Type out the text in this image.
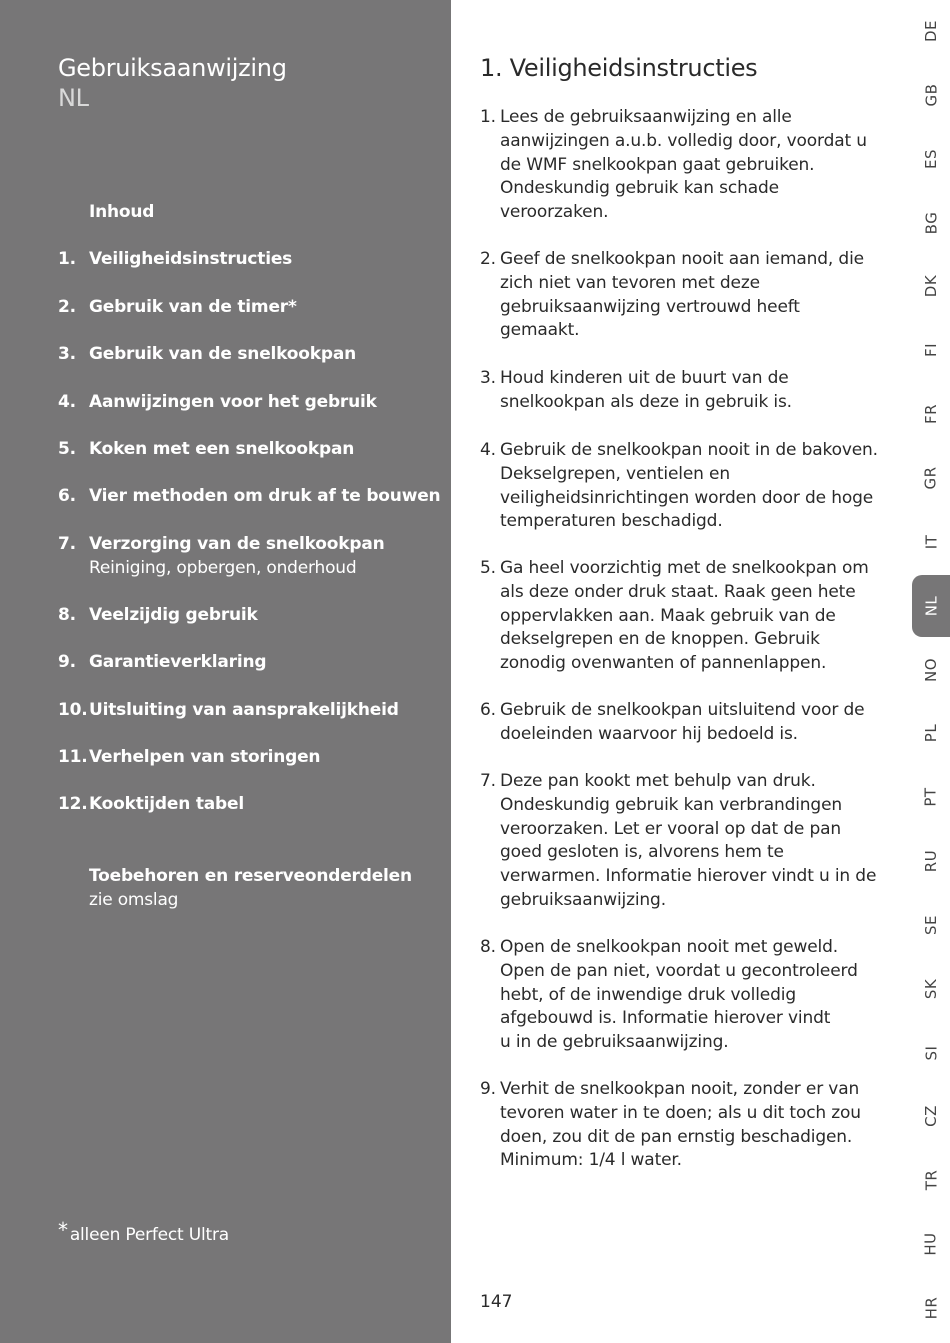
Gebruiksaanwijzing
NL
Inhoud
1. Veiligheidsinstructies
2. Gebruik van de timer*
3. Gebruik van de snelkookpan
4. Aanwijzingen voor het gebruik
5. Koken met een snelkookpan
6. Vier methoden om druk af te bouwen
7. Verzorging van de snelkookpan
Reiniging, opbergen, onderhoud
8. Veelzijdig gebruik
9. Garantieverklaring
10. Uitsluiting van aansprakelijkheid
11. Verhelpen van storingen
12. Kooktijden tabel
Toebehoren en reserveonderdelen
zie omslag
* alleen Perfect Ultra
1. Veiligheidsinstructies
1. Lees de gebruiksaanwijzing en alle
aanwijzingen a.u.b. volledig door, voordat u
de WMF snelkookpan gaat gebruiken.
Ondeskundig gebruik kan schade
veroorzaken.
2. Geef de snelkookpan nooit aan iemand, die
zich niet van tevoren met deze
gebruiksaanwijzing vertrouwd heeft
gemaakt.
3. Houd kinderen uit de buurt van de
snelkookpan als deze in gebruik is.
4. Gebruik de snelkookpan nooit in de bakoven.
Dekselgrepen, ventielen en
veiligheidsinrichtingen worden door de hoge
temperaturen beschadigd.
5. Ga heel voorzichtig met de snelkookpan om
als deze onder druk staat. Raak geen hete
oppervlakken aan. Maak gebruik van de
dekselgrepen en de knoppen. Gebruik
zonodig ovenwanten of pannenlappen.
6. Gebruik de snelkookpan uitsluitend voor de
doeleinden waarvoor hij bedoeld is.
7. Deze pan kookt met behulp van druk.
Ondeskundig gebruik kan verbrandingen
veroorzaken. Let er vooral op dat de pan
goed gesloten is, alvorens hem te
verwarmen. Informatie hierover vindt u in de
gebruiksaanwijzing.
8. Open de snelkookpan nooit met geweld.
Open de pan niet, voordat u gecontroleerd
hebt, of de inwendige druk volledig
afgebouwd is. Informatie hierover vindt
u in de gebruiksaanwijzing.
9. Verhit de snelkookpan nooit, zonder er van
tevoren water in te doen; als u dit toch zou
doen, zou dit de pan ernstig beschadigen.
Minimum: 1/4 l water.
147
DE
GB
ES
BG
DK
FI
FR
GR
IT
NL
NO
PL
PT
RU
SE
SK
SI
CZ
TR
HU
HR
